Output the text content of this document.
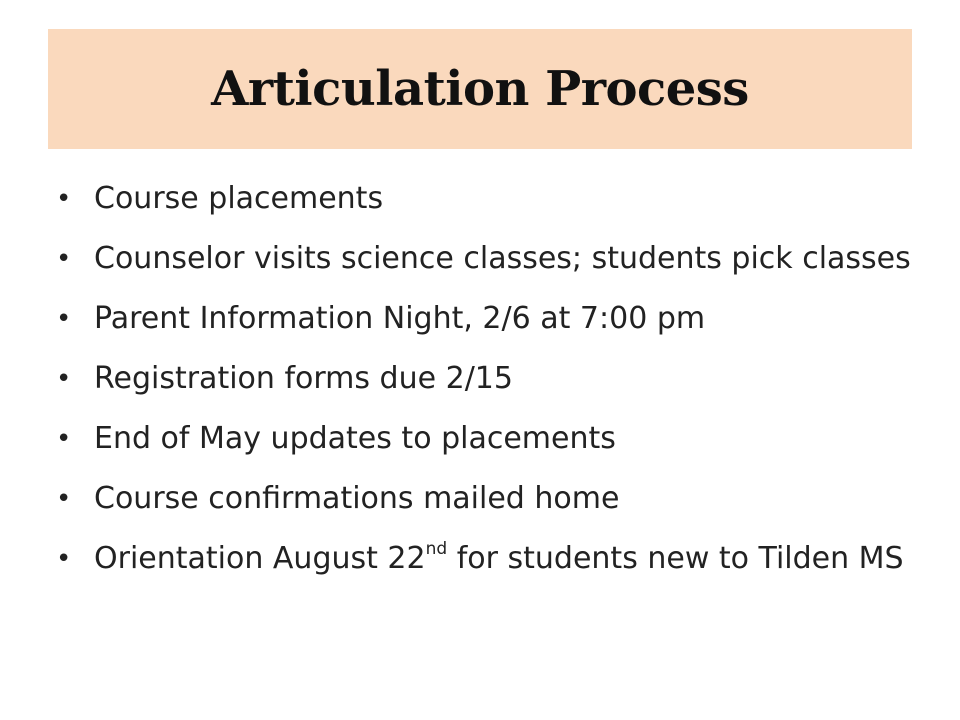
Articulation Process
• Course placements
• Counselor visits science classes; students pick classes
• Parent Information Night, 2/6 at 7:00 pm
• Registration forms due 2/15
• End of May updates to placements
• Course confirmations mailed home
• Orientation August 22nd for students new to Tilden MS
